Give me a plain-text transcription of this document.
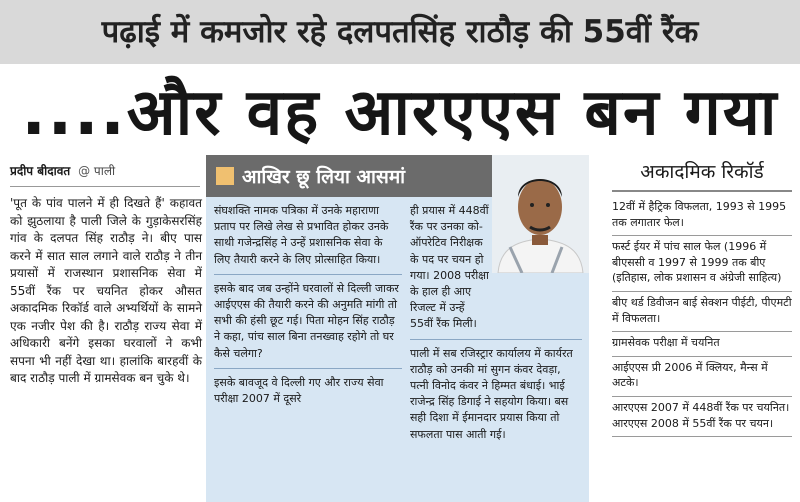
पढ़ाई में कमजोर रहे दलपतसिंह राठौड़ की 55वीं रैंक
....और वह आरएएस बन गया
प्रदीप बीदावत @ पाली
'पूत के पांव पालने में ही दिखते हैं' कहावत को झुठलाया है पाली जिले के गुड़ाकेसरसिंह गांव के दलपत सिंह राठौड़ ने। बीए पास करने में सात साल लगाने वाले राठौड़ ने तीन प्रयासों में राजस्थान प्रशासनिक सेवा में 55वीं रैंक पर चयनित होकर औसत अकादमिक रिकॉर्ड वाले अभ्यर्थियों के सामने एक नजीर पेश की है। राठौड़ राज्य सेवा में अधिकारी बनेंगे इसका घरवालों ने कभी सपना भी नहीं देखा था। हालांकि बारहवीं के बाद राठौड़ पाली में ग्रामसेवक बन चुके थे।
आखिर छू लिया आसमां

संघशक्ति नामक पत्रिका में उनके महाराणा प्रताप पर लिखे लेख से प्रभावित होकर उनके साथी गजेन्द्रसिंह ने उन्हें प्रशासनिक सेवा के लिए तैयारी करने के लिए प्रोत्साहित किया।

इसके बाद जब उन्होंने घरवालों से दिल्ली जाकर आईएएस की तैयारी करने की अनुमति मांगी तो सभी की हंसी छूट गई। पिता मोहन सिंह राठौड़ ने कहा, पांच साल बिना तनख्वाह रहोगे तो घर कैसे चलेगा?

इसके बावजूद वे दिल्ली गए और राज्य सेवा परीक्षा 2007 में दूसरे

ही प्रयास में 448वीं रैंक पर उनका को-ऑपरेटिव निरीक्षक के पद पर चयन हो गया। 2008 परीक्षा के हाल ही आए रिजल्ट में उन्हें 55वीं रैंक मिली।

पाली में सब रजिस्ट्रार कार्यालय में कार्यरत राठौड़ को उनकी मां सुगन कंवर देवड़ा, पत्नी विनोद कंवर ने हिम्मत बंधाई। भाई राजेन्द्र सिंह डिगाई ने सहयोग किया। बस सही दिशा में ईमानदार प्रयास किया तो सफलता पास आती गई।

अकादमिक रिकॉर्ड
12वीं में हैट्रिक विफलता, 1993 से 1995 तक लगातार फेल।
फर्स्ट ईयर में पांच साल फेल (1996 में बीएससी व 1997 से 1999 तक बीए (इतिहास, लोक प्रशासन व अंग्रेजी साहित्य)
बीए थर्ड डिवीजन बाई सेक्शन पीईटी, पीएमटी में विफलता।
ग्रामसेवक परीक्षा में चयनित
आईएएस प्री 2006 में क्लियर, मैन्स में अटके।
आरएएस 2007 में 448वीं रैंक पर चयनित। आरएएस 2008 में 55वीं रैंक पर चयन।
